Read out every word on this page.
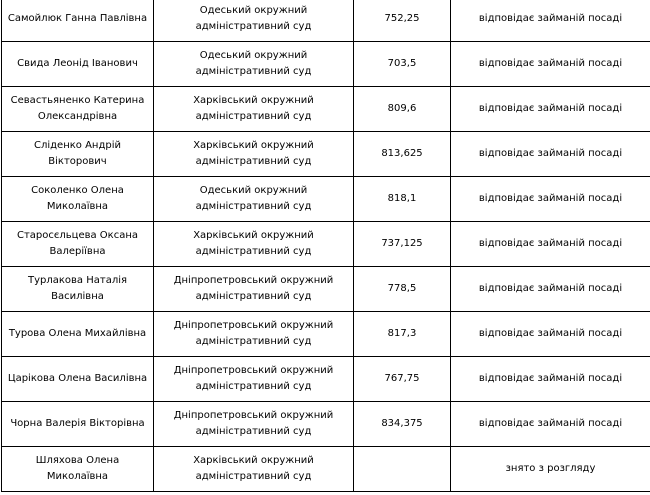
Самойлюк Ганна Павлівна	Одеський окружний адміністративний суд	752,25	відповідає займаній посаді
Свида Леонід Іванович	Одеський окружний адміністративний суд	703,5	відповідає займаній посаді
Севастьяненко Катерина Олександрівна	Харківський окружний адміністративний суд	809,6	відповідає займаній посаді
Сліденко Андрій Вікторович	Харківський окружний адміністративний суд	813,625	відповідає займаній посаді
Соколенко Олена Миколаївна	Одеський окружний адміністративний суд	818,1	відповідає займаній посаді
Старосєльцева Оксана Валеріївна	Харківський окружний адміністративний суд	737,125	відповідає займаній посаді
Турлакова Наталія Василівна	Дніпропетровський окружний адміністративний суд	778,5	відповідає займаній посаді
Турова Олена Михайлівна	Дніпропетровський окружний адміністративний суд	817,3	відповідає займаній посаді
Царікова Олена Василівна	Дніпропетровський окружний адміністративний суд	767,75	відповідає займаній посаді
Чорна Валерія Вікторівна	Дніпропетровський окружний адміністративний суд	834,375	відповідає займаній посаді
Шляхова Олена Миколаївна	Харківський окружний адміністративний суд		знято з розгляду
